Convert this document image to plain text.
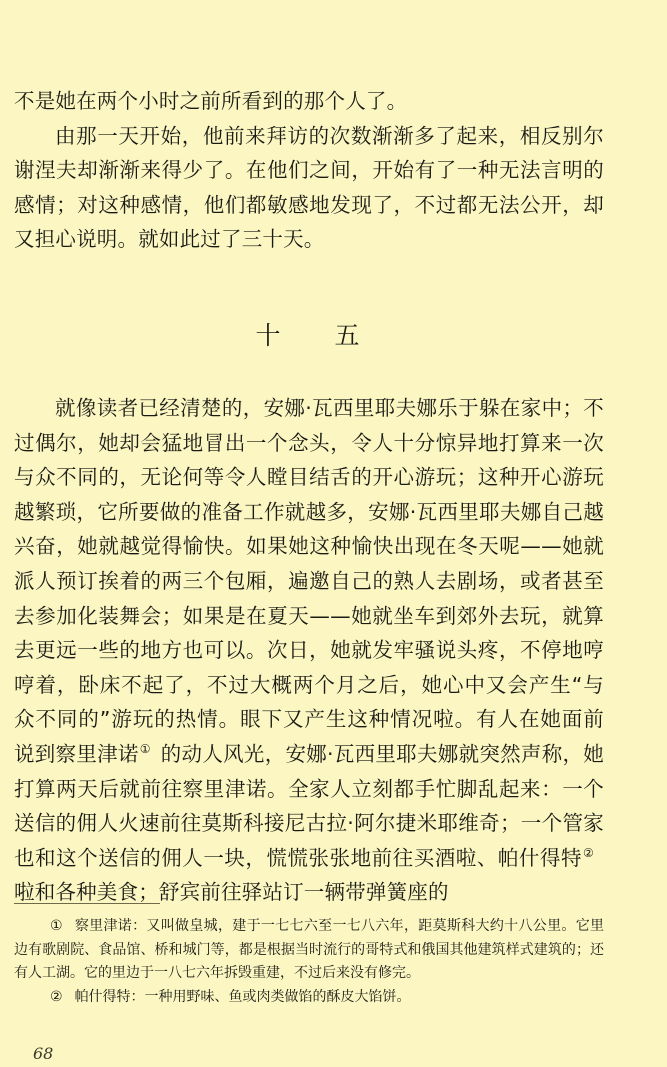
不是她在两个小时之前所看到的那个人了。

由那一天开始，他前来拜访的次数渐渐多了起来，相反别尔谢涅夫却渐渐来得少了。在他们之间，开始有了一种无法言明的感情；对这种感情，他们都敏感地发现了，不过都无法公开，却又担心说明。就如此过了三十天。

十 五

就像读者已经清楚的，安娜·瓦西里耶夫娜乐于躲在家中；不过偶尔，她却会猛地冒出一个念头，令人十分惊异地打算来一次与众不同的，无论何等令人瞠目结舌的开心游玩；这种开心游玩越繁琐，它所要做的准备工作就越多，安娜·瓦西里耶夫娜自己越兴奋，她就越觉得愉快。如果她这种愉快出现在冬天呢——她就派人预订挨着的两三个包厢，遍邀自己的熟人去剧场，或者甚至去参加化装舞会；如果是在夏天——她就坐车到郊外去玩，就算去更远一些的地方也可以。次日，她就发牢骚说头疼，不停地哼哼着，卧床不起了，不过大概两个月之后，她心中又会产生“与众不同的”游玩的热情。眼下又产生这种情况啦。有人在她面前说到察里津诺① 的动人风光，安娜·瓦西里耶夫娜就突然声称，她打算两天后就前往察里津诺。全家人立刻都手忙脚乱起来：一个送信的佣人火速前往莫斯科接尼古拉·阿尔捷米耶维奇；一个管家也和这个送信的佣人一块，慌慌张张地前往买酒啦、帕什得特②啦和各种美食；舒宾前往驿站订一辆带弹簧座的

① 察里津诺：又叫做皇城，建于一七七六至一七八六年，距莫斯科大约十八公里。它里边有歌剧院、食品馆、桥和城门等，都是根据当时流行的哥特式和俄国其他建筑样式建筑的；还有人工湖。它的里边于一八七六年拆毁重建，不过后来没有修完。

② 帕什得特：一种用野味、鱼或肉类做馅的酥皮大馅饼。

68
